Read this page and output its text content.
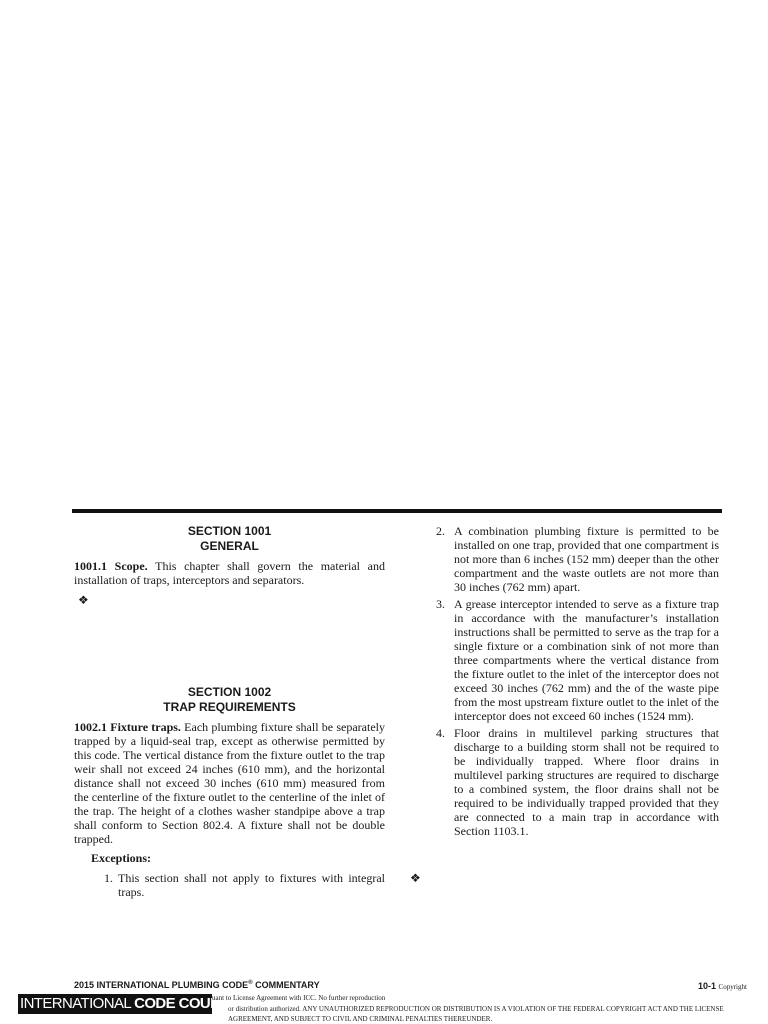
SECTION 1001
GENERAL

1001.1 Scope. This chapter shall govern the material and installation of traps, interceptors and separators.

❖

SECTION 1002
TRAP REQUIREMENTS

1002.1 Fixture traps. Each plumbing fixture shall be separately trapped by a liquid-seal trap, except as otherwise permitted by this code. The vertical distance from the fixture outlet to the trap weir shall not exceed 24 inches (610 mm), and the horizontal distance shall not exceed 30 inches (610 mm) measured from the centerline of the fixture outlet to the centerline of the inlet of the trap. The height of a clothes washer standpipe above a trap shall conform to Section 802.4. A fixture shall not be double trapped.

Exceptions:

1. This section shall not apply to fixtures with integral traps.
2. A combination plumbing fixture is permitted to be installed on one trap, provided that one compartment is not more than 6 inches (152 mm) deeper than the other compartment and the waste outlets are not more than 30 inches (762 mm) apart.
3. A grease interceptor intended to serve as a fixture trap in accordance with the manufacturer’s installation instructions shall be permitted to serve as the trap for a single fixture or a combination sink of not more than three compartments where the vertical distance from the fixture outlet to the inlet of the interceptor does not exceed 30 inches (762 mm) and the of the waste pipe from the most upstream fixture outlet to the inlet of the interceptor does not exceed 60 inches (1524 mm).
4. Floor drains in multilevel parking structures that discharge to a building storm shall not be required to be individually trapped. Where floor drains in multilevel parking structures are required to discharge to a combined system, the floor drains shall not be required to be individually trapped provided that they are connected to a main trap in accordance with Section 1103.1.
❖
2015 INTERNATIONAL PLUMBING CODE® COMMENTARY	10-1 Copyright
INTERNATIONAL CODE COUNCIL
uant to License Agreement with ICC. No further reproduction
or distribution authorized. ANY UNAUTHORIZED REPRODUCTION OR DISTRIBUTION IS A VIOLATION OF THE FEDERAL COPYRIGHT ACT AND THE LICENSE AGREEMENT, AND SUBJECT TO CIVIL AND CRIMINAL PENALTIES THEREUNDER.
